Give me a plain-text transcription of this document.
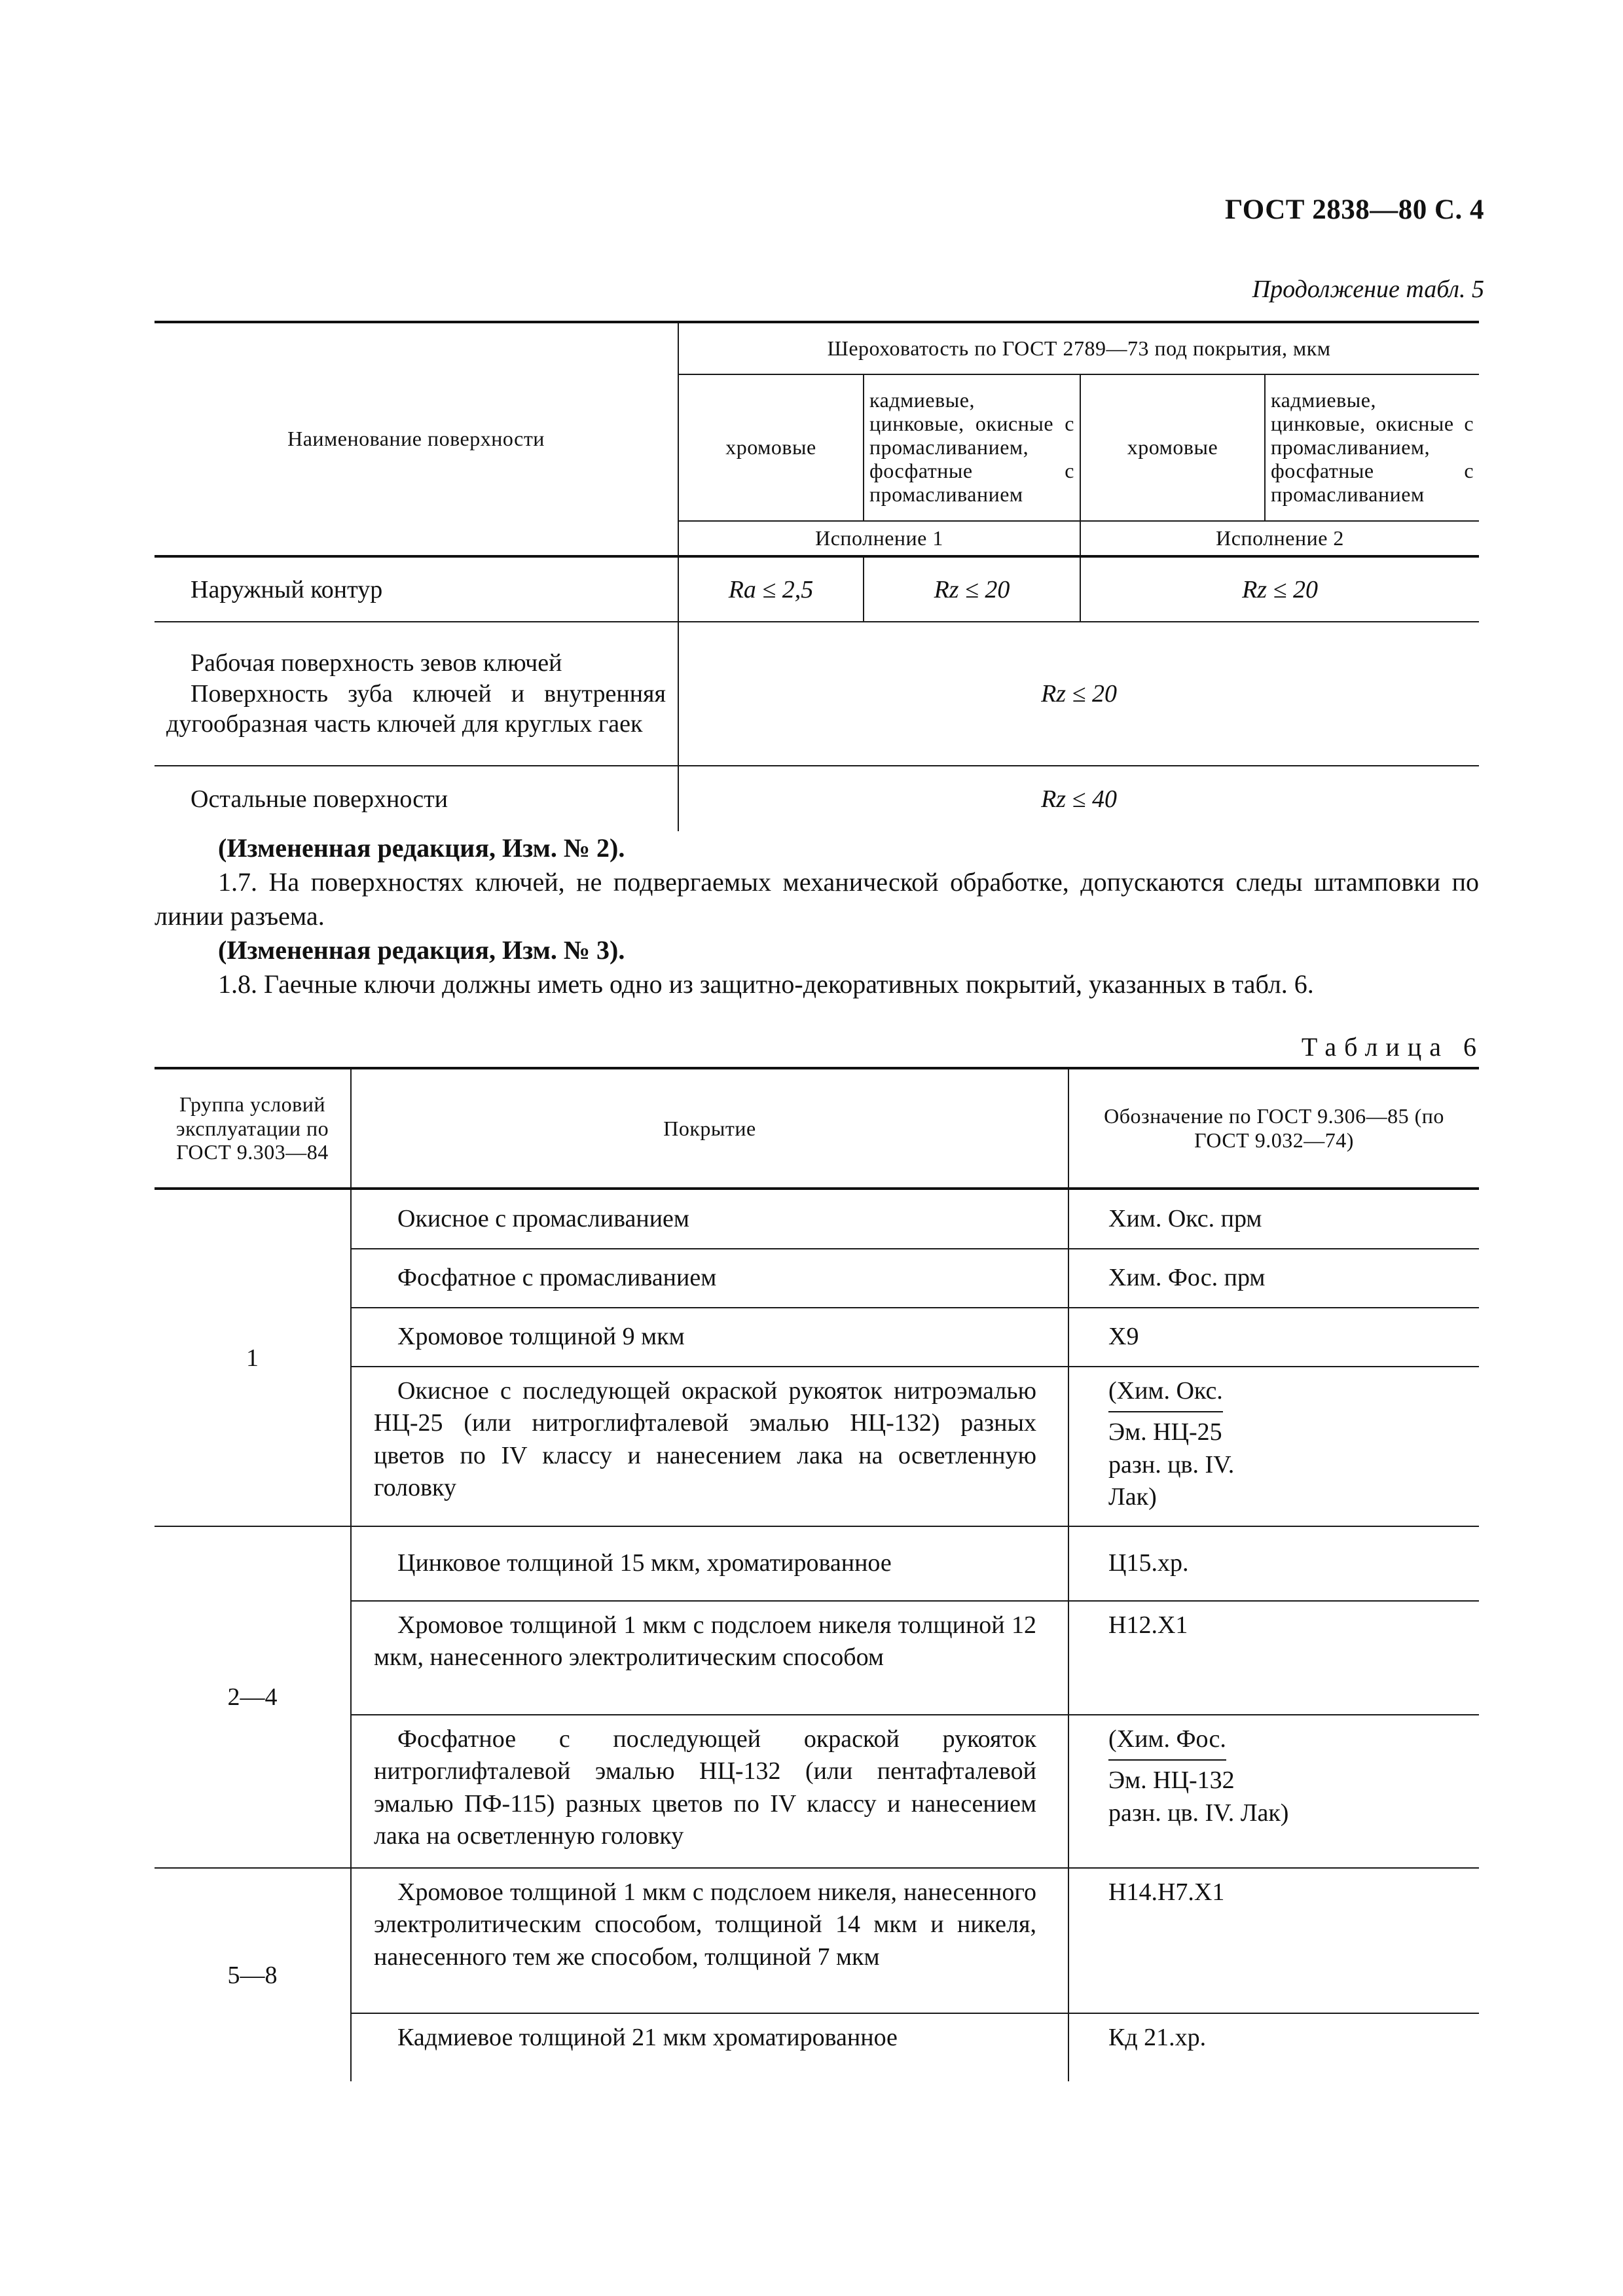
ГОСТ 2838—80 С. 4
Продолжение табл. 5
Наименование поверхности	Шероховатость по ГОСТ 2789—73 под покрытия, мкм			
	хромовые	кадмиевые, цинковые, окисные с промасливанием, фосфатные с промасливанием	хромовые	кадмиевые, цинковые, окисные с промасливанием, фосфатные с промасливанием
	Исполнение 1		Исполнение 2	
Наружный контур	Ra ≤ 2,5	Rz ≤ 20	Rz ≤ 20	

Рабочая поверхность зевов ключей
Поверхность зуба ключей и внутренняя дугообразная часть ключей для круглых гаек	Rz ≤ 20			
Остальные поверхности	Rz ≤ 40			

(Измененная редакция, Изм. № 2).

1.7. На поверхностях ключей, не подвергаемых механической обработке, допускаются следы штамповки по линии разъема.

(Измененная редакция, Изм. № 3).

1.8. Гаечные ключи должны иметь одно из защитно-декоративных покрытий, указанных в табл. 6.

Таблица 6
Группа условий эксплуатации по ГОСТ 9.303—84	Покрытие	Обозначение по ГОСТ 9.306—85 (по ГОСТ 9.032—74)
1	Окисное с промасливанием	Хим. Окс. прм

	Фосфатное с промасливанием	Хим. Фос. прм

	Хромовое толщиной 9 мкм	Х9

	Окисное с последующей окраской рукояток нитроэмалью НЦ-25 (или нитроглифталевой эмалью НЦ-132) разных цветов по IV классу и нанесением лака на осветленную головку	(Хим. Окс.
Эм. НЦ-25
разн. цв. IV.
Лак)
2—4	Цинковое толщиной 15 мкм, хроматированное	Ц15.хр.

	Хромовое толщиной 1 мкм с подслоем никеля толщиной 12 мкм, нанесенного электролитическим способом	Н12.Х1

	Фосфатное с последующей окраской рукояток нитроглифталевой эмалью НЦ-132 (или пентафталевой эмалью ПФ-115) разных цветов по IV классу и нанесением лака на осветленную головку	(Хим. Фос.
Эм. НЦ-132
разн. цв. IV. Лак)
5—8	Хромовое толщиной 1 мкм с подслоем никеля, нанесенного электролитическим способом, толщиной 14 мкм и никеля, нанесенного тем же способом, толщиной 7 мкм	Н14.Н7.Х1

	Кадмиевое толщиной 21 мкм хроматированное	Кд 21.хр.
